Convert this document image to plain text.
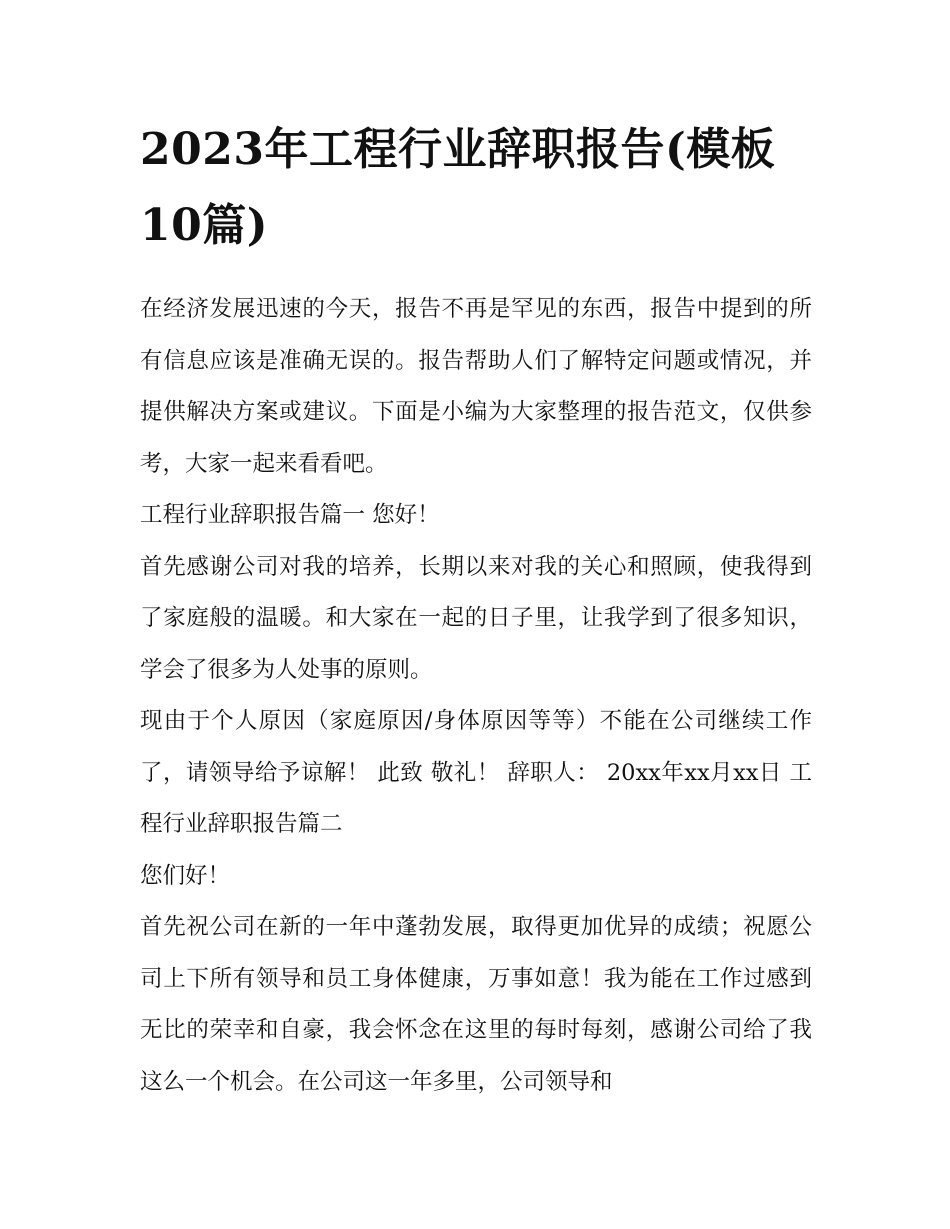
2023年工程行业辞职报告(模板10篇)

在经济发展迅速的今天，报告不再是罕见的东西，报告中提到的所有信息应该是准确无误的。报告帮助人们了解特定问题或情况，并提供解决方案或建议。下面是小编为大家整理的报告范文，仅供参考，大家一起来看看吧。

工程行业辞职报告篇一 您好！

首先感谢公司对我的培养，长期以来对我的关心和照顾，使我得到了家庭般的温暖。和大家在一起的日子里，让我学到了很多知识，学会了很多为人处事的原则。

现由于个人原因（家庭原因/身体原因等等）不能在公司继续工作了，请领导给予谅解！ 此致 敬礼！ 辞职人： 20xx年xx月xx日 工程行业辞职报告篇二

您们好！

首先祝公司在新的一年中蓬勃发展，取得更加优异的成绩；祝愿公司上下所有领导和员工身体健康，万事如意！我为能在工作过感到无比的荣幸和自豪，我会怀念在这里的每时每刻，感谢公司给了我这么一个机会。在公司这一年多里，公司领导和
